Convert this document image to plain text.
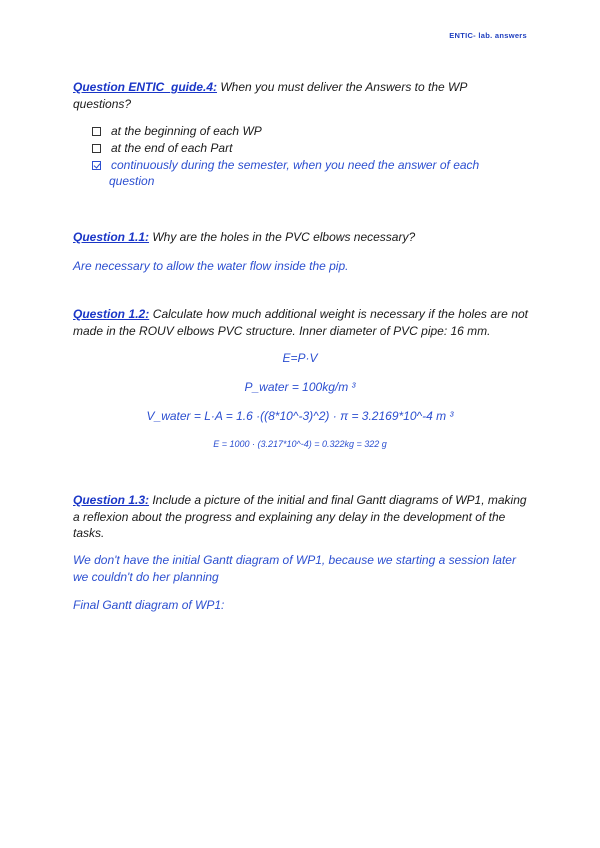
ENTIC- lab. answers
Question ENTIC_guide.4: When you must deliver the Answers to the WP questions?
at the beginning of each WP
at the end of each Part
continuously during the semester, when you need the answer of each
question
Question 1.1: Why are the holes in the PVC elbows necessary?
Are necessary to allow the water flow inside the pip.
Question 1.2: Calculate how much additional weight is necessary if the holes are not made in the ROUV elbows PVC structure. Inner diameter of PVC pipe: 16 mm.
E=P·V
P_water = 100kg/m ³
V_water = L·A = 1.6 ·((8*10^-3)^2) · π = 3.2169*10^-4 m ³
E = 1000 · (3.217*10^-4) = 0.322kg = 322 g
Question 1.3: Include a picture of the initial and final Gantt diagrams of WP1, making a reflexion about the progress and explaining any delay in the development of the tasks.
We don't have the initial Gantt diagram of WP1, because we starting a session later we couldn't do her planning
Final Gantt diagram of WP1:
